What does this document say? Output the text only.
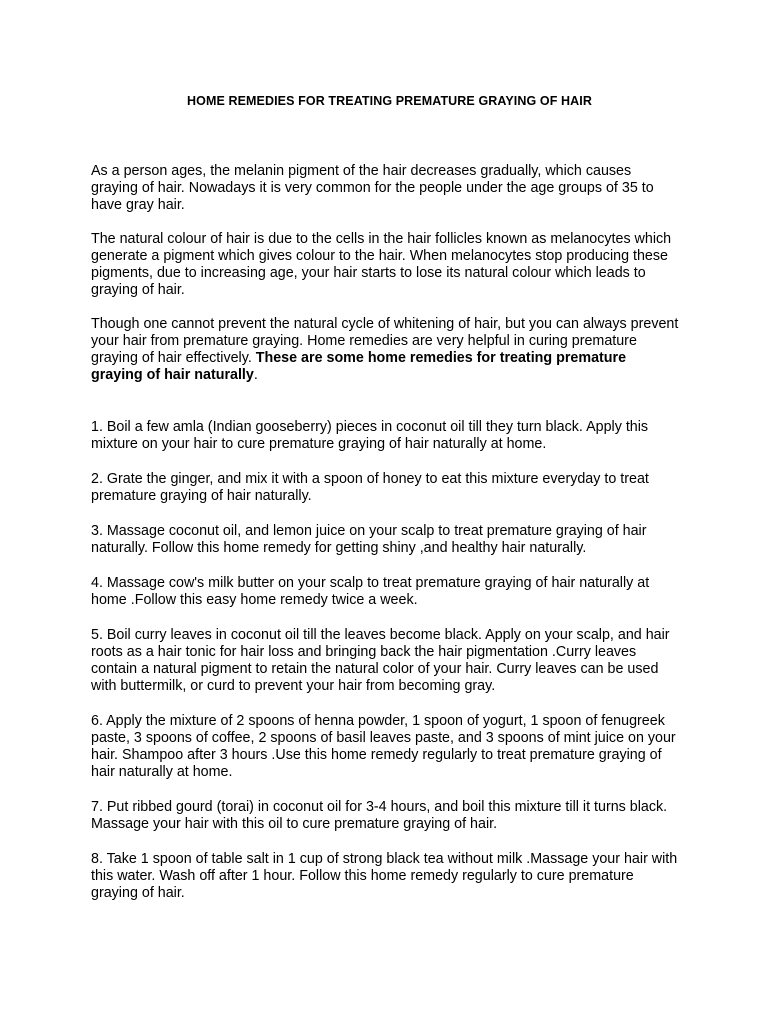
HOME REMEDIES FOR TREATING PREMATURE GRAYING OF HAIR

As a person ages, the melanin pigment of the hair decreases gradually, which causes graying of hair. Nowadays it is very common for the people under the age groups of 35 to have gray hair.

The natural colour of hair is due to the cells in the hair follicles known as melanocytes which generate a pigment which gives colour to the hair. When melanocytes stop producing these pigments, due to increasing age, your hair starts to lose its natural colour which leads to graying of hair.

Though one cannot prevent the natural cycle of whitening of hair, but you can always prevent your hair from premature graying. Home remedies are very helpful in curing premature graying of hair effectively. These are some home remedies for treating premature graying of hair naturally.

1. Boil a few amla (Indian gooseberry) pieces in coconut oil till they turn black. Apply this mixture on your hair to cure premature graying of hair naturally at home.

2. Grate the ginger, and mix it with a spoon of honey to eat this mixture everyday to treat premature graying of hair naturally.

3. Massage coconut oil, and lemon juice on your scalp to treat premature graying of hair naturally. Follow this home remedy for getting shiny ,and healthy hair naturally.

4. Massage cow's milk butter on your scalp to treat premature graying of hair naturally at home .Follow this easy home remedy twice a week.

5. Boil curry leaves in coconut oil till the leaves become black. Apply on your scalp, and hair roots as a hair tonic for hair loss and bringing back the hair pigmentation .Curry leaves contain a natural pigment to retain the natural color of your hair. Curry leaves can be used with buttermilk, or curd to prevent your hair from becoming gray.

6. Apply the mixture of 2 spoons of henna powder, 1 spoon of yogurt, 1 spoon of fenugreek paste, 3 spoons of coffee, 2 spoons of basil leaves paste, and 3 spoons of mint juice on your hair. Shampoo after 3 hours .Use this home remedy regularly to treat premature graying of hair naturally at home.

7. Put ribbed gourd (torai) in coconut oil for 3-4 hours, and boil this mixture till it turns black. Massage your hair with this oil to cure premature graying of hair.

8. Take 1 spoon of table salt in 1 cup of strong black tea without milk .Massage your hair with this water. Wash off after 1 hour. Follow this home remedy regularly to cure premature graying of hair.
